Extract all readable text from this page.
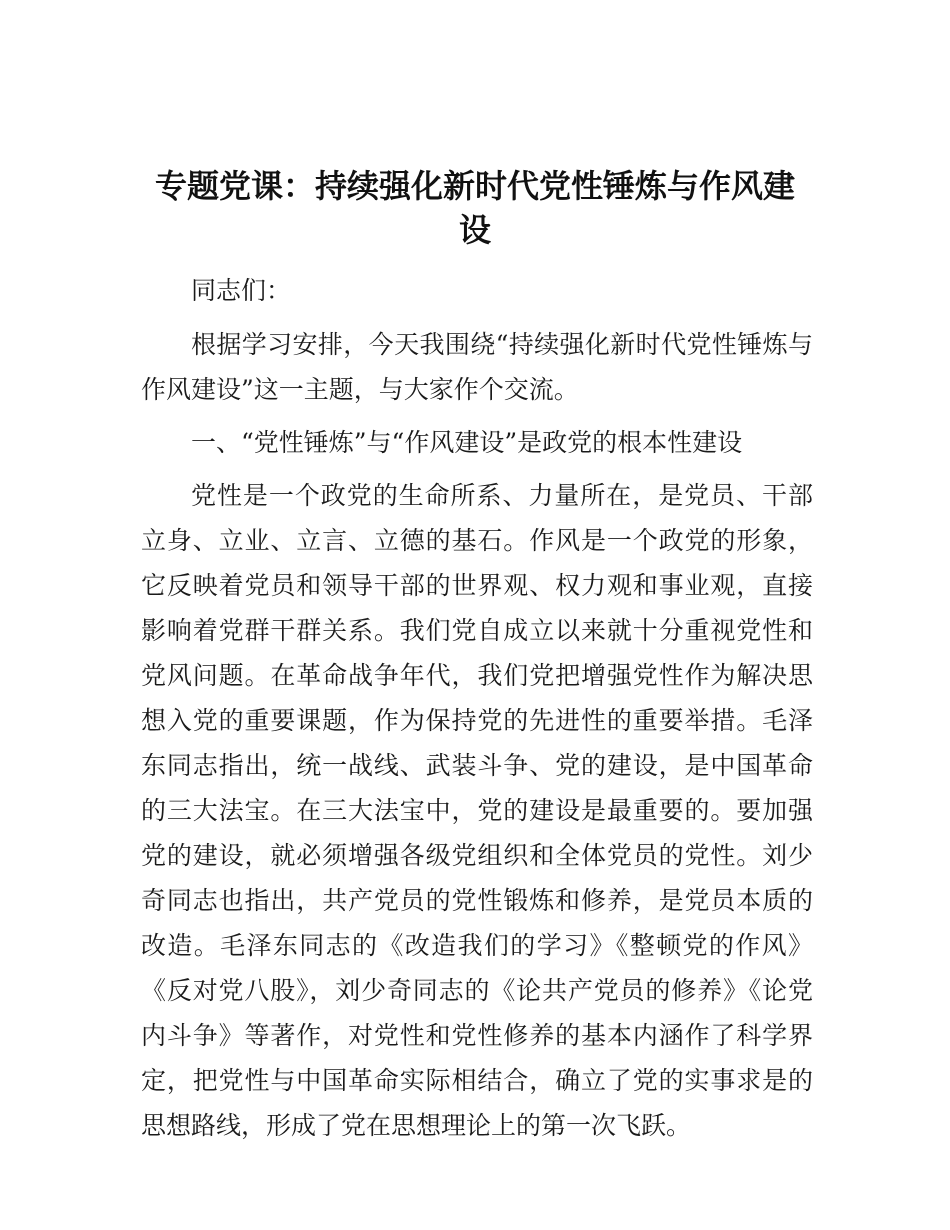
专题党课：持续强化新时代党性锤炼与作风建设

同志们：

根据学习安排，今天我围绕“持续强化新时代党性锤炼与作风建设”这一主题，与大家作个交流。

一、“党性锤炼”与“作风建设”是政党的根本性建设

党性是一个政党的生命所系、力量所在，是党员、干部立身、立业、立言、立德的基石。作风是一个政党的形象，它反映着党员和领导干部的世界观、权力观和事业观，直接影响着党群干群关系。我们党自成立以来就十分重视党性和党风问题。在革命战争年代，我们党把增强党性作为解决思想入党的重要课题，作为保持党的先进性的重要举措。毛泽东同志指出，统一战线、武装斗争、党的建设，是中国革命的三大法宝。在三大法宝中，党的建设是最重要的。要加强党的建设，就必须增强各级党组织和全体党员的党性。刘少奇同志也指出，共产党员的党性锻炼和修养，是党员本质的改造。毛泽东同志的《改造我们的学习》《整顿党的作风》《反对党八股》，刘少奇同志的《论共产党员的修养》《论党内斗争》等著作，对党性和党性修养的基本内涵作了科学界定，把党性与中国革命实际相结合，确立了党的实事求是的思想路线，形成了党在思想理论上的第一次飞跃。
